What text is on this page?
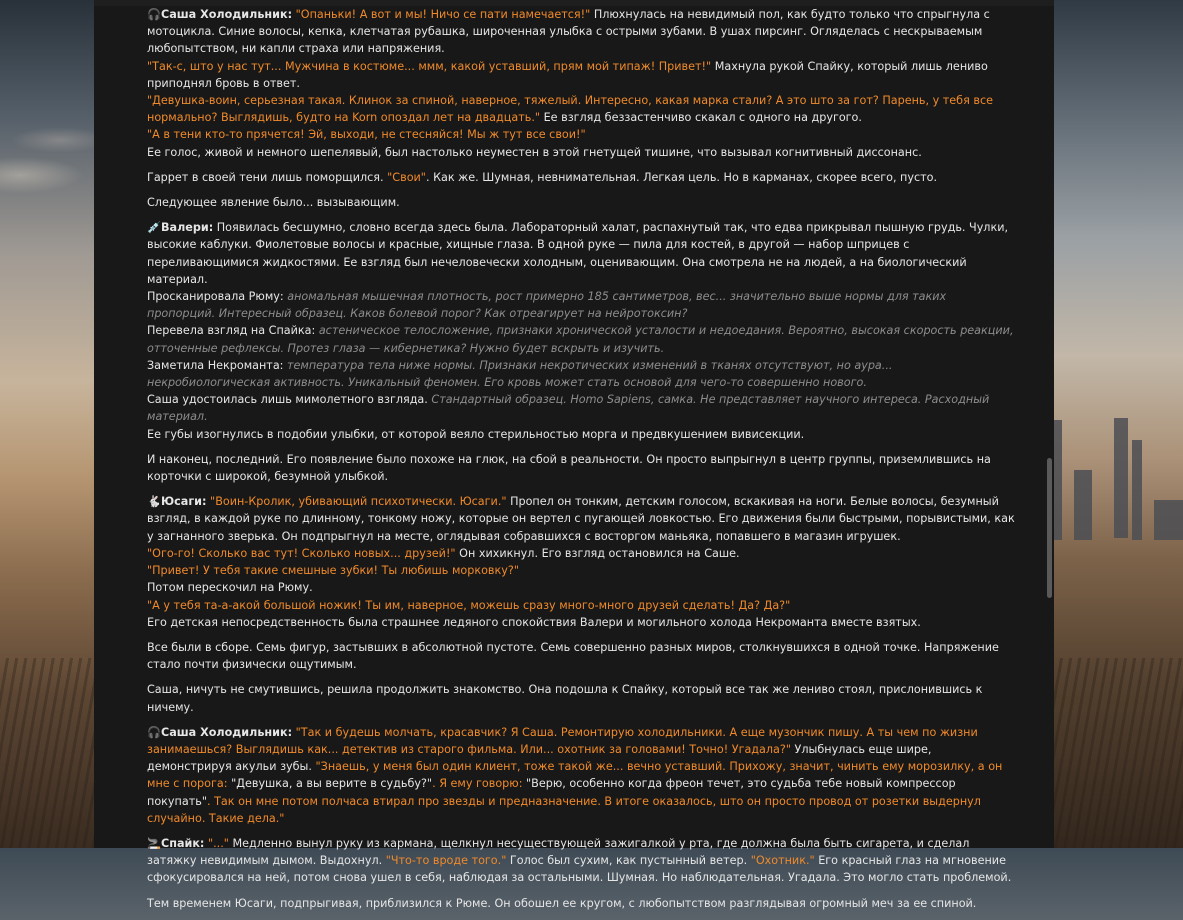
🎧Саша Холодильник: "Опаньки! А вот и мы! Ничо се пати намечается!" Плюхнулась на невидимый пол, как будто только что спрыгнула с мотоцикла. Синие волосы, кепка, клетчатая рубашка, широченная улыбка с острыми зубами. В ушах пирсинг. Огляделась с нескрываемым любопытством, ни капли страха или напряжения.
"Так-с, што у нас тут... Мужчина в костюме... ммм, какой уставший, прям мой типаж! Привет!" Махнула рукой Спайку, который лишь лениво приподнял бровь в ответ.
"Девушка-воин, серьезная такая. Клинок за спиной, наверное, тяжелый. Интересно, какая марка стали? А это што за гот? Парень, у тебя все нормально? Выглядишь, будто на Korn опоздал лет на двадцать." Ее взгляд беззастенчиво скакал с одного на другого.
"А в тени кто-то прячется! Эй, выходи, не стесняйся! Мы ж тут все свои!"
Ее голос, живой и немного шепелявый, был настолько неуместен в этой гнетущей тишине, что вызывал когнитивный диссонанс.

Гаррет в своей тени лишь поморщился. "Свои". Как же. Шумная, невнимательная. Легкая цель. Но в карманах, скорее всего, пусто.

Следующее явление было... вызывающим.

💉Валери: Появилась бесшумно, словно всегда здесь была. Лабораторный халат, распахнутый так, что едва прикрывал пышную грудь. Чулки, высокие каблуки. Фиолетовые волосы и красные, хищные глаза. В одной руке — пила для костей, в другой — набор шприцев с переливающимися жидкостями. Ее взгляд был нечеловечески холодным, оценивающим. Она смотрела не на людей, а на биологический материал.
Просканировала Рюму: аномальная мышечная плотность, рост примерно 185 сантиметров, вес... значительно выше нормы для таких пропорций. Интересный образец. Каков болевой порог? Как отреагирует на нейротоксин?
Перевела взгляд на Спайка: астеническое телосложение, признаки хронической усталости и недоедания. Вероятно, высокая скорость реакции, отточенные рефлексы. Протез глаза — кибернетика? Нужно будет вскрыть и изучить.
Заметила Некроманта: температура тела ниже нормы. Признаки некротических изменений в тканях отсутствуют, но аура... некробиологическая активность. Уникальный феномен. Его кровь может стать основой для чего-то совершенно нового.
Саша удостоилась лишь мимолетного взгляда. Стандартный образец. Homo Sapiens, самка. Не представляет научного интереса. Расходный материал.
Ее губы изогнулись в подобии улыбки, от которой веяло стерильностью морга и предвкушением вивисекции.

И наконец, последний. Его появление было похоже на глюк, на сбой в реальности. Он просто выпрыгнул в центр группы, приземлившись на корточки с широкой, безумной улыбкой.

🐇Юсаги: "Воин-Кролик, убивающий психотически. Юсаги." Пропел он тонким, детским голосом, вскакивая на ноги. Белые волосы, безумный взгляд, в каждой руке по длинному, тонкому ножу, которые он вертел с пугающей ловкостью. Его движения были быстрыми, порывистыми, как у загнанного зверька. Он подпрыгнул на месте, оглядывая собравшихся с восторгом маньяка, попавшего в магазин игрушек.
"Ого-го! Сколько вас тут! Сколько новых... друзей!" Он хихикнул. Его взгляд остановился на Саше.
"Привет! У тебя такие смешные зубки! Ты любишь морковку?"
Потом перескочил на Рюму.
"А у тебя та-а-акой большой ножик! Ты им, наверное, можешь сразу много-много друзей сделать! Да? Да?"
Его детская непосредственность была страшнее ледяного спокойствия Валери и могильного холода Некроманта вместе взятых.

Все были в сборе. Семь фигур, застывших в абсолютной пустоте. Семь совершенно разных миров, столкнувшихся в одной точке. Напряжение стало почти физически ощутимым.

Саша, ничуть не смутившись, решила продолжить знакомство. Она подошла к Спайку, который все так же лениво стоял, прислонившись к ничему.

🎧Саша Холодильник: "Так и будешь молчать, красавчик? Я Саша. Ремонтирую холодильники. А еще музончик пишу. А ты чем по жизни занимаешься? Выглядишь как... детектив из старого фильма. Или... охотник за головами! Точно! Угадала?" Улыбнулась еще шире, демонстрируя акульи зубы. "Знаешь, у меня был один клиент, тоже такой же... вечно уставший. Прихожу, значит, чинить ему морозилку, а он мне с порога: "Девушка, а вы верите в судьбу?". Я ему говорю: "Верю, особенно когда фреон течет, это судьба тебе новый компрессор покупать". Так он мне потом полчаса втирал про звезды и предназначение. В итоге оказалось, што он просто провод от розетки выдернул случайно. Такие дела."

🚬Спайк: "..." Медленно вынул руку из кармана, щелкнул несуществующей зажигалкой у рта, где должна была быть сигарета, и сделал затяжку невидимым дымом. Выдохнул. "Что-то вроде того." Голос был сухим, как пустынный ветер. "Охотник." Его красный глаз на мгновение сфокусировался на ней, потом снова ушел в себя, наблюдая за остальными. Шумная. Но наблюдательная. Угадала. Это могло стать проблемой.

Тем временем Юсаги, подпрыгивая, приблизился к Рюме. Он обошел ее кругом, с любопытством разглядывая огромный меч за ее спиной.
